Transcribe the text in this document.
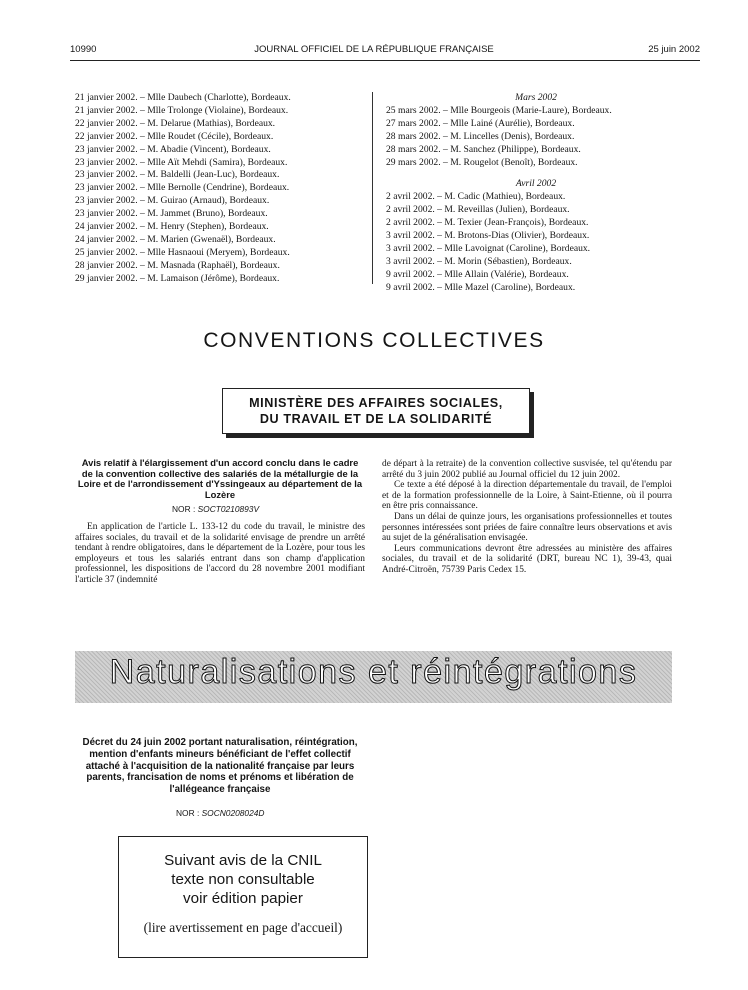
10990	JOURNAL OFFICIEL DE LA RÉPUBLIQUE FRANÇAISE	25 juin 2002
21 janvier 2002. – Mlle Daubech (Charlotte), Bordeaux.
21 janvier 2002. – Mlle Trolonge (Violaine), Bordeaux.
22 janvier 2002. – M. Delarue (Mathias), Bordeaux.
22 janvier 2002. – Mlle Roudet (Cécile), Bordeaux.
23 janvier 2002. – M. Abadie (Vincent), Bordeaux.
23 janvier 2002. – Mlle Aït Mehdi (Samira), Bordeaux.
23 janvier 2002. – M. Baldelli (Jean-Luc), Bordeaux.
23 janvier 2002. – Mlle Bernolle (Cendrine), Bordeaux.
23 janvier 2002. – M. Guirao (Arnaud), Bordeaux.
23 janvier 2002. – M. Jammet (Bruno), Bordeaux.
24 janvier 2002. – M. Henry (Stephen), Bordeaux.
24 janvier 2002. – M. Marien (Gwenaël), Bordeaux.
25 janvier 2002. – Mlle Hasnaoui (Meryem), Bordeaux.
28 janvier 2002. – M. Masnada (Raphaël), Bordeaux.
29 janvier 2002. – M. Lamaison (Jérôme), Bordeaux.
Mars 2002
25 mars 2002. – Mlle Bourgeois (Marie-Laure), Bordeaux.
27 mars 2002. – Mlle Lainé (Aurélie), Bordeaux.
28 mars 2002. – M. Lincelles (Denis), Bordeaux.
28 mars 2002. – M. Sanchez (Philippe), Bordeaux.
29 mars 2002. – M. Rougelot (Benoît), Bordeaux.
Avril 2002
2 avril 2002. – M. Cadic (Mathieu), Bordeaux.
2 avril 2002. – M. Reveillas (Julien), Bordeaux.
2 avril 2002. – M. Texier (Jean-François), Bordeaux.
3 avril 2002. – M. Brotons-Dias (Olivier), Bordeaux.
3 avril 2002. – Mlle Lavoignat (Caroline), Bordeaux.
3 avril 2002. – M. Morin (Sébastien), Bordeaux.
9 avril 2002. – Mlle Allain (Valérie), Bordeaux.
9 avril 2002. – Mlle Mazel (Caroline), Bordeaux.
CONVENTIONS COLLECTIVES
MINISTÈRE DES AFFAIRES SOCIALES,
DU TRAVAIL ET DE LA SOLIDARITÉ
Avis relatif à l'élargissement d'un accord conclu dans le cadre de la convention collective des salariés de la métallurgie de la Loire et de l'arrondissement d'Yssingeaux au département de la Lozère
NOR : SOCT0210893V

En application de l'article L. 133-12 du code du travail, le ministre des affaires sociales, du travail et de la solidarité envisage de prendre un arrêté tendant à rendre obligatoires, dans le département de la Lozère, pour tous les employeurs et tous les salariés entrant dans son champ d'application professionnel, les dispositions de l'accord du 28 novembre 2001 modifiant l'article 37 (indemnité

de départ à la retraite) de la convention collective susvisée, tel qu'étendu par arrêté du 3 juin 2002 publié au Journal officiel du 12 juin 2002.

Ce texte a été déposé à la direction départementale du travail, de l'emploi et de la formation professionnelle de la Loire, à Saint-Etienne, où il pourra en être pris connaissance.

Dans un délai de quinze jours, les organisations professionnelles et toutes personnes intéressées sont priées de faire connaître leurs observations et avis au sujet de la généralisation envisagée.

Leurs communications devront être adressées au ministère des affaires sociales, du travail et de la solidarité (DRT, bureau NC 1), 39-43, quai André-Citroën, 75739 Paris Cedex 15.

Naturalisations et réintégrations
Décret du 24 juin 2002 portant naturalisation, réintégration, mention d'enfants mineurs bénéficiant de l'effet collectif attaché à l'acquisition de la nationalité française par leurs parents, francisation de noms et prénoms et libération de l'allégeance française
NOR : SOCN0208024D
Suivant avis de la CNIL
texte non consultable
voir édition papier
(lire avertissement en page d'accueil)
